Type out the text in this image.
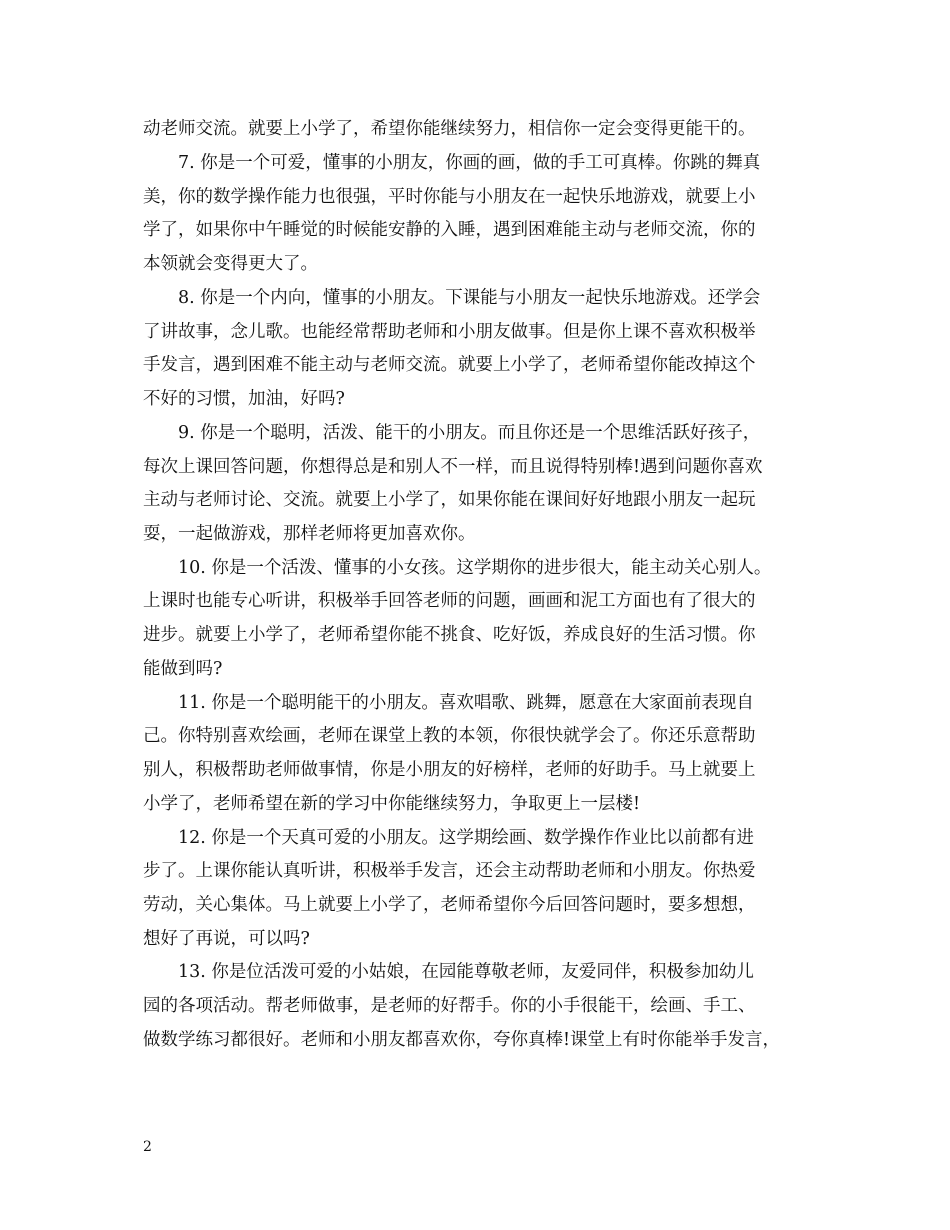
动老师交流。就要上小学了，希望你能继续努力，相信你一定会变得更能干的。
7. 你是一个可爱，懂事的小朋友，你画的画，做的手工可真棒。你跳的舞真
美，你的数学操作能力也很强，平时你能与小朋友在一起快乐地游戏，就要上小
学了，如果你中午睡觉的时候能安静的入睡，遇到困难能主动与老师交流，你的
本领就会变得更大了。
8. 你是一个内向，懂事的小朋友。下课能与小朋友一起快乐地游戏。还学会
了讲故事，念儿歌。也能经常帮助老师和小朋友做事。但是你上课不喜欢积极举
手发言，遇到困难不能主动与老师交流。就要上小学了，老师希望你能改掉这个
不好的习惯，加油，好吗?
9. 你是一个聪明，活泼、能干的小朋友。而且你还是一个思维活跃好孩子，
每次上课回答问题，你想得总是和别人不一样，而且说得特别棒!遇到问题你喜欢
主动与老师讨论、交流。就要上小学了，如果你能在课间好好地跟小朋友一起玩
耍，一起做游戏，那样老师将更加喜欢你。
10. 你是一个活泼、懂事的小女孩。这学期你的进步很大，能主动关心别人。
上课时也能专心听讲，积极举手回答老师的问题，画画和泥工方面也有了很大的
进步。就要上小学了，老师希望你能不挑食、吃好饭，养成良好的生活习惯。你
能做到吗?
11. 你是一个聪明能干的小朋友。喜欢唱歌、跳舞，愿意在大家面前表现自
己。你特别喜欢绘画，老师在课堂上教的本领，你很快就学会了。你还乐意帮助
别人，积极帮助老师做事情，你是小朋友的好榜样，老师的好助手。马上就要上
小学了，老师希望在新的学习中你能继续努力，争取更上一层楼!
12. 你是一个天真可爱的小朋友。这学期绘画、数学操作作业比以前都有进
步了。上课你能认真听讲，积极举手发言，还会主动帮助老师和小朋友。你热爱
劳动，关心集体。马上就要上小学了，老师希望你今后回答问题时，要多想想，
想好了再说，可以吗?
13. 你是位活泼可爱的小姑娘，在园能尊敬老师，友爱同伴，积极参加幼儿
园的各项活动。帮老师做事，是老师的好帮手。你的小手很能干，绘画、手工、
做数学练习都很好。老师和小朋友都喜欢你，夸你真棒!课堂上有时你能举手发言，
2
